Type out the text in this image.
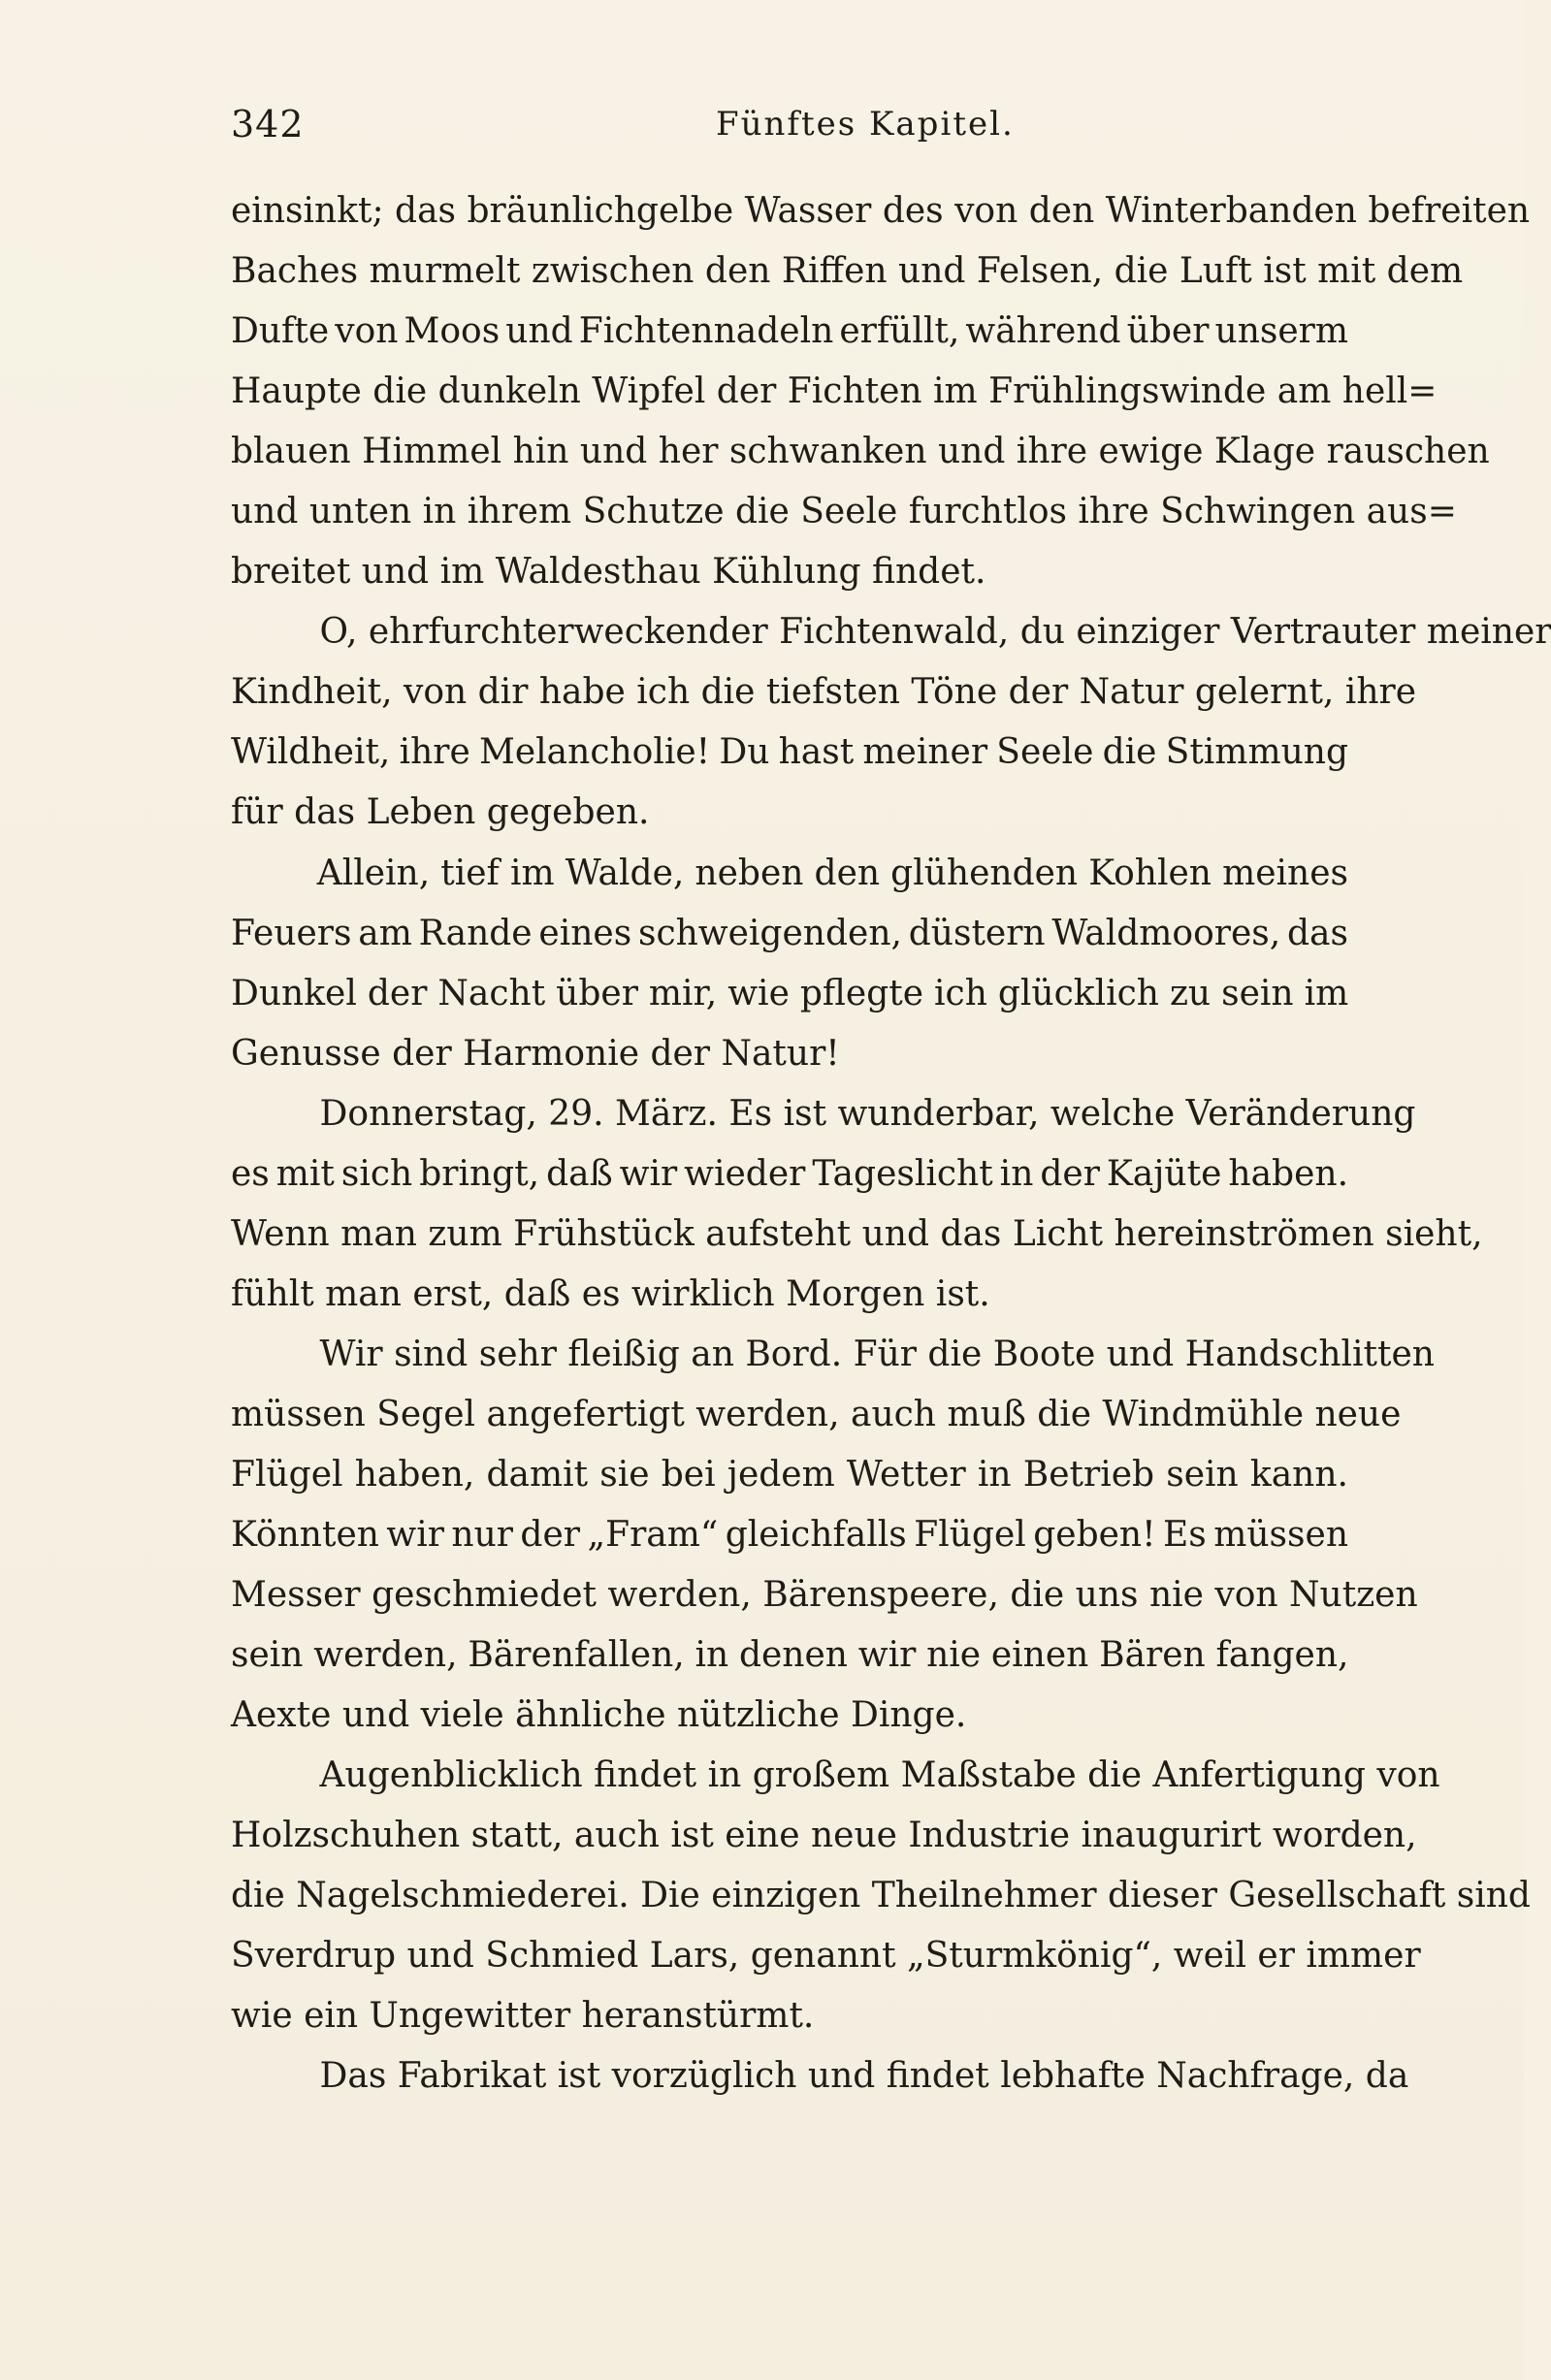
342	Fünftes Kapitel.
einsinkt; das bräunlichgelbe Wasser des von den Winterbanden befreiten
Baches murmelt zwischen den Riffen und Felsen, die Luft ist mit dem
Dufte von Moos und Fichtennadeln erfüllt, während über unserm
Haupte die dunkeln Wipfel der Fichten im Frühlingswinde am hell=
blauen Himmel hin und her schwanken und ihre ewige Klage rauschen
und unten in ihrem Schutze die Seele furchtlos ihre Schwingen aus=
breitet und im Waldesthau Kühlung findet.
O, ehrfurchterweckender Fichtenwald, du einziger Vertrauter meiner
Kindheit, von dir habe ich die tiefsten Töne der Natur gelernt, ihre
Wildheit, ihre Melancholie! Du hast meiner Seele die Stimmung
für das Leben gegeben.
Allein, tief im Walde, neben den glühenden Kohlen meines
Feuers am Rande eines schweigenden, düstern Waldmoores, das
Dunkel der Nacht über mir, wie pflegte ich glücklich zu sein im
Genusse der Harmonie der Natur!
Donnerstag, 29. März. Es ist wunderbar, welche Veränderung
es mit sich bringt, daß wir wieder Tageslicht in der Kajüte haben.
Wenn man zum Frühstück aufsteht und das Licht hereinströmen sieht,
fühlt man erst, daß es wirklich Morgen ist.
Wir sind sehr fleißig an Bord. Für die Boote und Handschlitten
müssen Segel angefertigt werden, auch muß die Windmühle neue
Flügel haben, damit sie bei jedem Wetter in Betrieb sein kann.
Könnten wir nur der „Fram“ gleichfalls Flügel geben! Es müssen
Messer geschmiedet werden, Bärenspeere, die uns nie von Nutzen
sein werden, Bärenfallen, in denen wir nie einen Bären fangen,
Aexte und viele ähnliche nützliche Dinge.
Augenblicklich findet in großem Maßstabe die Anfertigung von
Holzschuhen statt, auch ist eine neue Industrie inaugurirt worden,
die Nagelschmiederei. Die einzigen Theilnehmer dieser Gesellschaft sind
Sverdrup und Schmied Lars, genannt „Sturmkönig“, weil er immer
wie ein Ungewitter heranstürmt.
Das Fabrikat ist vorzüglich und findet lebhafte Nachfrage, da
